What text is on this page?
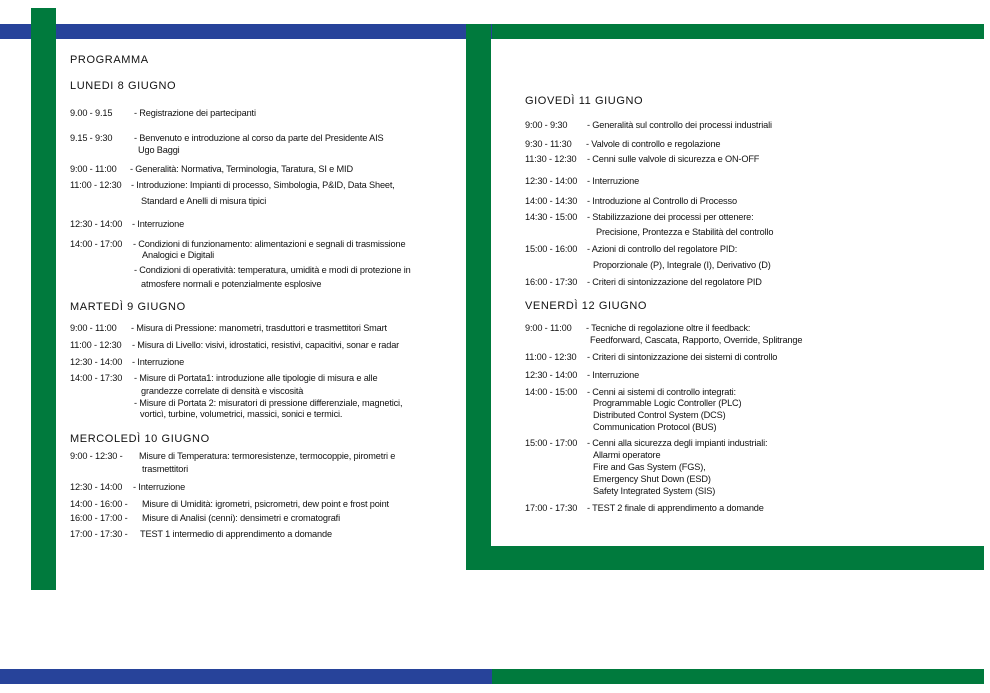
PROGRAMMA
LUNEDI 8 GIUGNO
9.00 - 9.15 - Registrazione dei partecipanti
9.15 - 9:30 - Benvenuto e introduzione al corso da parte del Presidente AIS
Ugo Baggi
9:00 - 11:00 - Generalità: Normativa, Terminologia, Taratura, SI e MID
11:00 - 12:30 - Introduzione: Impianti di processo, Simbologia, P&ID, Data Sheet,
Standard e Anelli di misura tipici
12:30 - 14:00 - Interruzione
14:00 - 17:00 - Condizioni di funzionamento: alimentazioni e segnali di trasmissione
Analogici e Digitali
- Condizioni di operatività: temperatura, umidità e modi di protezione in
atmosfere normali e potenzialmente esplosive
MARTEDÌ 9 GIUGNO
9:00 - 11:00 - Misura di Pressione: manometri, trasduttori e trasmettitori Smart
11:00 - 12:30 - Misura di Livello: visivi, idrostatici, resistivi, capacitivi, sonar e radar
12:30 - 14:00 - Interruzione
14:00 - 17:30 - Misure di Portata1: introduzione alle tipologie di misura e alle
grandezze correlate di densità e viscosità
- Misure di Portata 2: misuratori di pressione differenziale, magnetici,
vorticì, turbine, volumetrici, massici, sonici e termici.
MERCOLEDÌ 10 GIUGNO
9:00 - 12:30 - Misure di Temperatura: termoresistenze, termocoppie, pirometri e
trasmettitori
12:30 - 14:00 - Interruzione
14:00 - 16:00 - Misure di Umidità: igrometri, psicrometri, dew point e frost point
16:00 - 17:00 - Misure di Analisi (cenni): densimetri e cromatografi
17:00 - 17:30 - TEST 1 intermedio di apprendimento a domande
GIOVEDÌ 11 GIUGNO
9:00 - 9:30 - Generalità sul controllo dei processi industriali
9:30 - 11:30 - Valvole di controllo e regolazione
11:30 - 12:30 - Cenni sulle valvole di sicurezza e ON-OFF
12:30 - 14:00 - Interruzione
14:00 - 14:30 - Introduzione al Controllo di Processo
14:30 - 15:00 - Stabilizzazione dei processi per ottenere:
Precisione, Prontezza e Stabilità del controllo
15:00 - 16:00 - Azioni di controllo del regolatore PID:
Proporzionale (P), Integrale (I), Derivativo (D)
16:00 - 17:30 - Criteri di sintonizzazione del regolatore PID
VENERDÌ 12 GIUGNO
9:00 - 11:00 - Tecniche di regolazione oltre il feedback:
Feedforward, Cascata, Rapporto, Override, Splitrange
11:00 - 12:30 - Criteri di sintonizzazione dei sistemi di controllo
12:30 - 14:00 - Interruzione
14:00 - 15:00 - Cenni ai sistemi di controllo integrati:
Programmable Logic Controller (PLC)
Distributed Control System (DCS)
Communication Protocol (BUS)
15:00 - 17:00 - Cenni alla sicurezza degli impianti industriali:
Allarmi operatore
Fire and Gas System (FGS),
Emergency Shut Down (ESD)
Safety Integrated System (SIS)
17:00 - 17:30 - TEST 2 finale di apprendimento a domande
